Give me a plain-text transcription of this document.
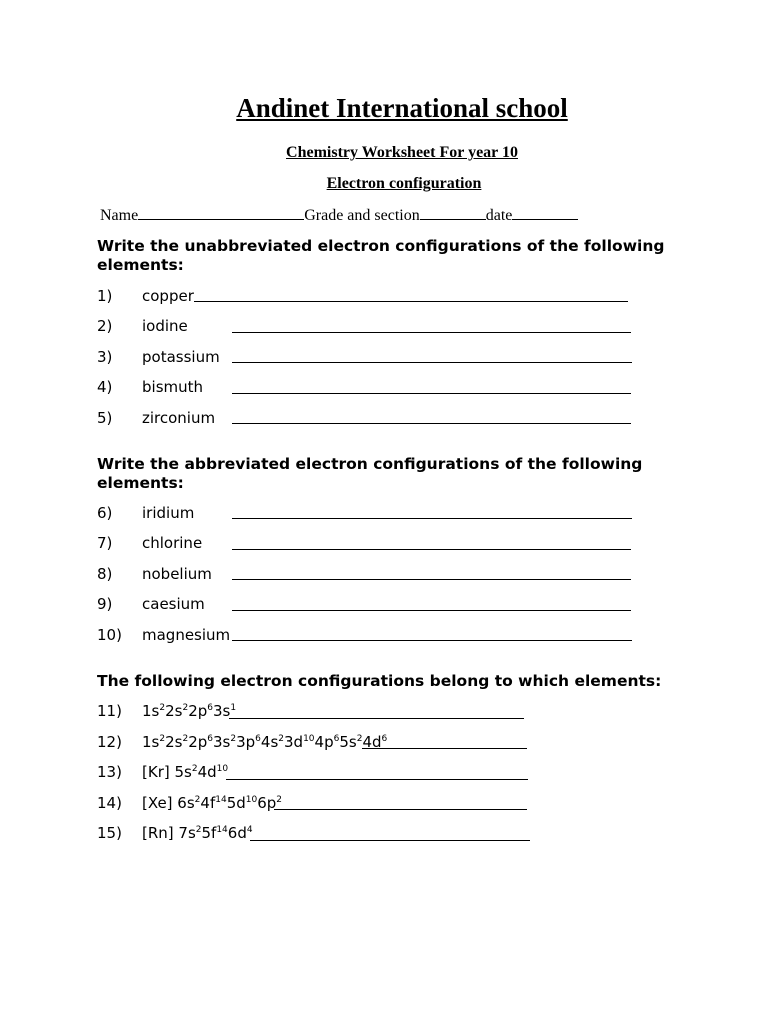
Andinet International school
Chemistry Worksheet For year 10
Electron configuration
Name	Grade and section	date
Write the unabbreviated electron configurations of the following elements:
1) copper
2) iodine
3) potassium
4) bismuth
5) zirconium
Write the abbreviated electron configurations of the following elements:
6) iridium
7) chlorine
8) nobelium
9) caesium
10) magnesium
The following electron configurations belong to which elements:
11) $1s^22s^22p^63s^1$
12) $1s^22s^22p^63s^23p^64s^23d^{10}4p^65s^24d^6$
13) [Kr] $5s^24d^{10}$
14) [Xe] $6s^24f^{14}5d^{10}6p^2$
15) [Rn] $7s^25f^{14}6d^4$
